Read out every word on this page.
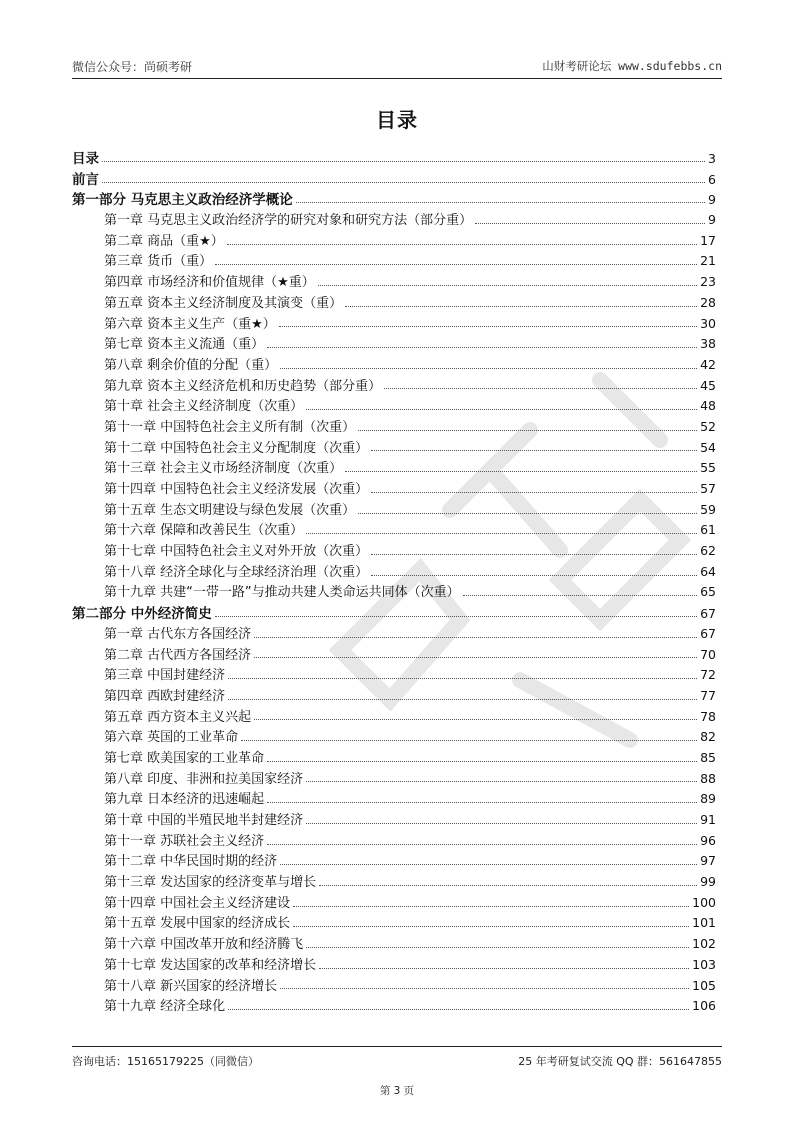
微信公众号：尚硕考研	山财考研论坛 www.sdufebbs.cn
目录
目录	3
前言	6
第一部分 马克思主义政治经济学概论	9
第一章 马克思主义政治经济学的研究对象和研究方法（部分重）	9
第二章 商品（重★）	17
第三章 货币（重）	21
第四章 市场经济和价值规律（★重）	23
第五章 资本主义经济制度及其演变（重）	28
第六章 资本主义生产（重★）	30
第七章 资本主义流通（重）	38
第八章 剩余价值的分配（重）	42
第九章 资本主义经济危机和历史趋势（部分重）	45
第十章 社会主义经济制度（次重）	48
第十一章 中国特色社会主义所有制（次重）	52
第十二章 中国特色社会主义分配制度（次重）	54
第十三章 社会主义市场经济制度（次重）	55
第十四章 中国特色社会主义经济发展（次重）	57
第十五章 生态文明建设与绿色发展（次重）	59
第十六章 保障和改善民生（次重）	61
第十七章 中国特色社会主义对外开放（次重）	62
第十八章 经济全球化与全球经济治理（次重）	64
第十九章 共建“一带一路”与推动共建人类命运共同体（次重）	65
第二部分 中外经济简史	67
第一章 古代东方各国经济	67
第二章 古代西方各国经济	70
第三章 中国封建经济	72
第四章 西欧封建经济	77
第五章 西方资本主义兴起	78
第六章 英国的工业革命	82
第七章 欧美国家的工业革命	85
第八章 印度、非洲和拉美国家经济	88
第九章 日本经济的迅速崛起	89
第十章 中国的半殖民地半封建经济	91
第十一章 苏联社会主义经济	96
第十二章 中华民国时期的经济	97
第十三章 发达国家的经济变革与增长	99
第十四章 中国社会主义经济建设	100
第十五章 发展中国家的经济成长	101
第十六章 中国改革开放和经济腾飞	102
第十七章 发达国家的改革和经济增长	103
第十八章 新兴国家的经济增长	105
第十九章 经济全球化	106
咨询电话：15165179225（同微信）	25 年考研复试交流 QQ 群：561647855
第 3 页
